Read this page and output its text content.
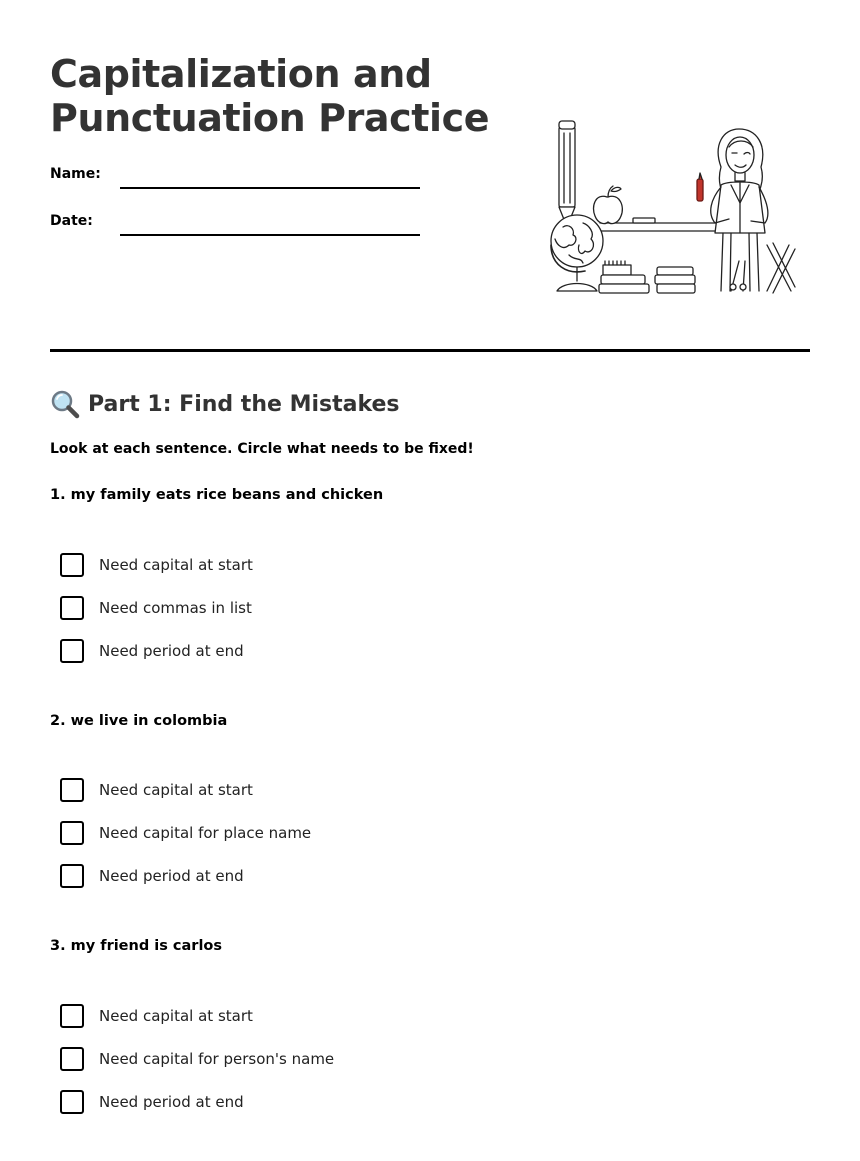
Capitalization and
Punctuation Practice
Name:
Date:
Part 1: Find the Mistakes
Look at each sentence. Circle what needs to be fixed!
1. my family eats rice beans and chicken
Need capital at start
Need commas in list
Need period at end
2. we live in colombia
Need capital at start
Need capital for place name
Need period at end
3. my friend is carlos
Need capital at start
Need capital for person's name
Need period at end
